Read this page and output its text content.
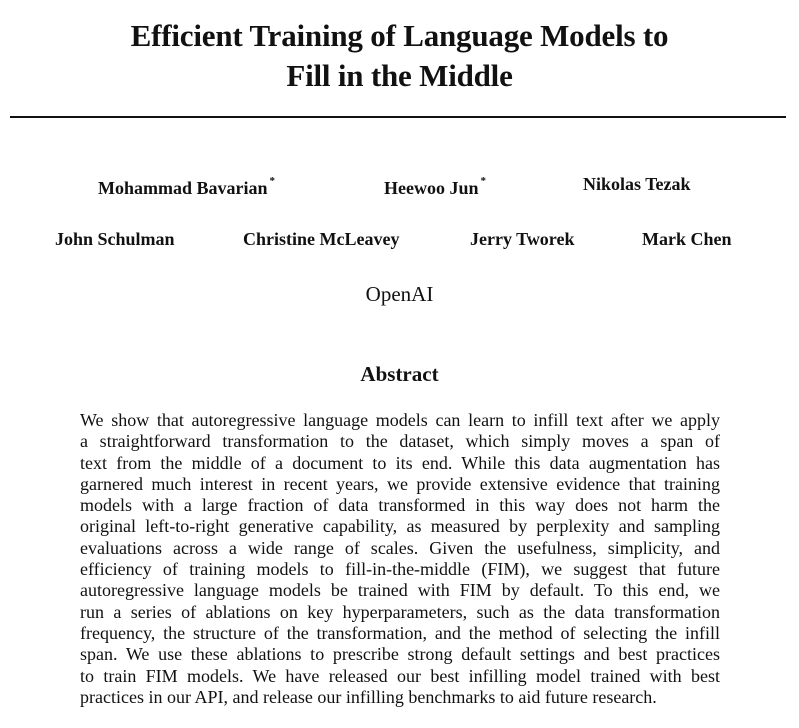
Efficient Training of Language Models to
Fill in the Middle
Mohammad Bavarian *	Heewoo Jun *	Nikolas Tezak
John Schulman	Christine McLeavey	Jerry Tworek	Mark Chen
OpenAI
Abstract
We show that autoregressive language models can learn to infill text after we apply
a straightforward transformation to the dataset, which simply moves a span of
text from the middle of a document to its end. While this data augmentation has
garnered much interest in recent years, we provide extensive evidence that training
models with a large fraction of data transformed in this way does not harm the
original left-to-right generative capability, as measured by perplexity and sampling
evaluations across a wide range of scales. Given the usefulness, simplicity, and
efficiency of training models to fill-in-the-middle (FIM), we suggest that future
autoregressive language models be trained with FIM by default. To this end, we
run a series of ablations on key hyperparameters, such as the data transformation
frequency, the structure of the transformation, and the method of selecting the infill
span. We use these ablations to prescribe strong default settings and best practices
to train FIM models. We have released our best infilling model trained with best
practices in our API, and release our infilling benchmarks to aid future research.
